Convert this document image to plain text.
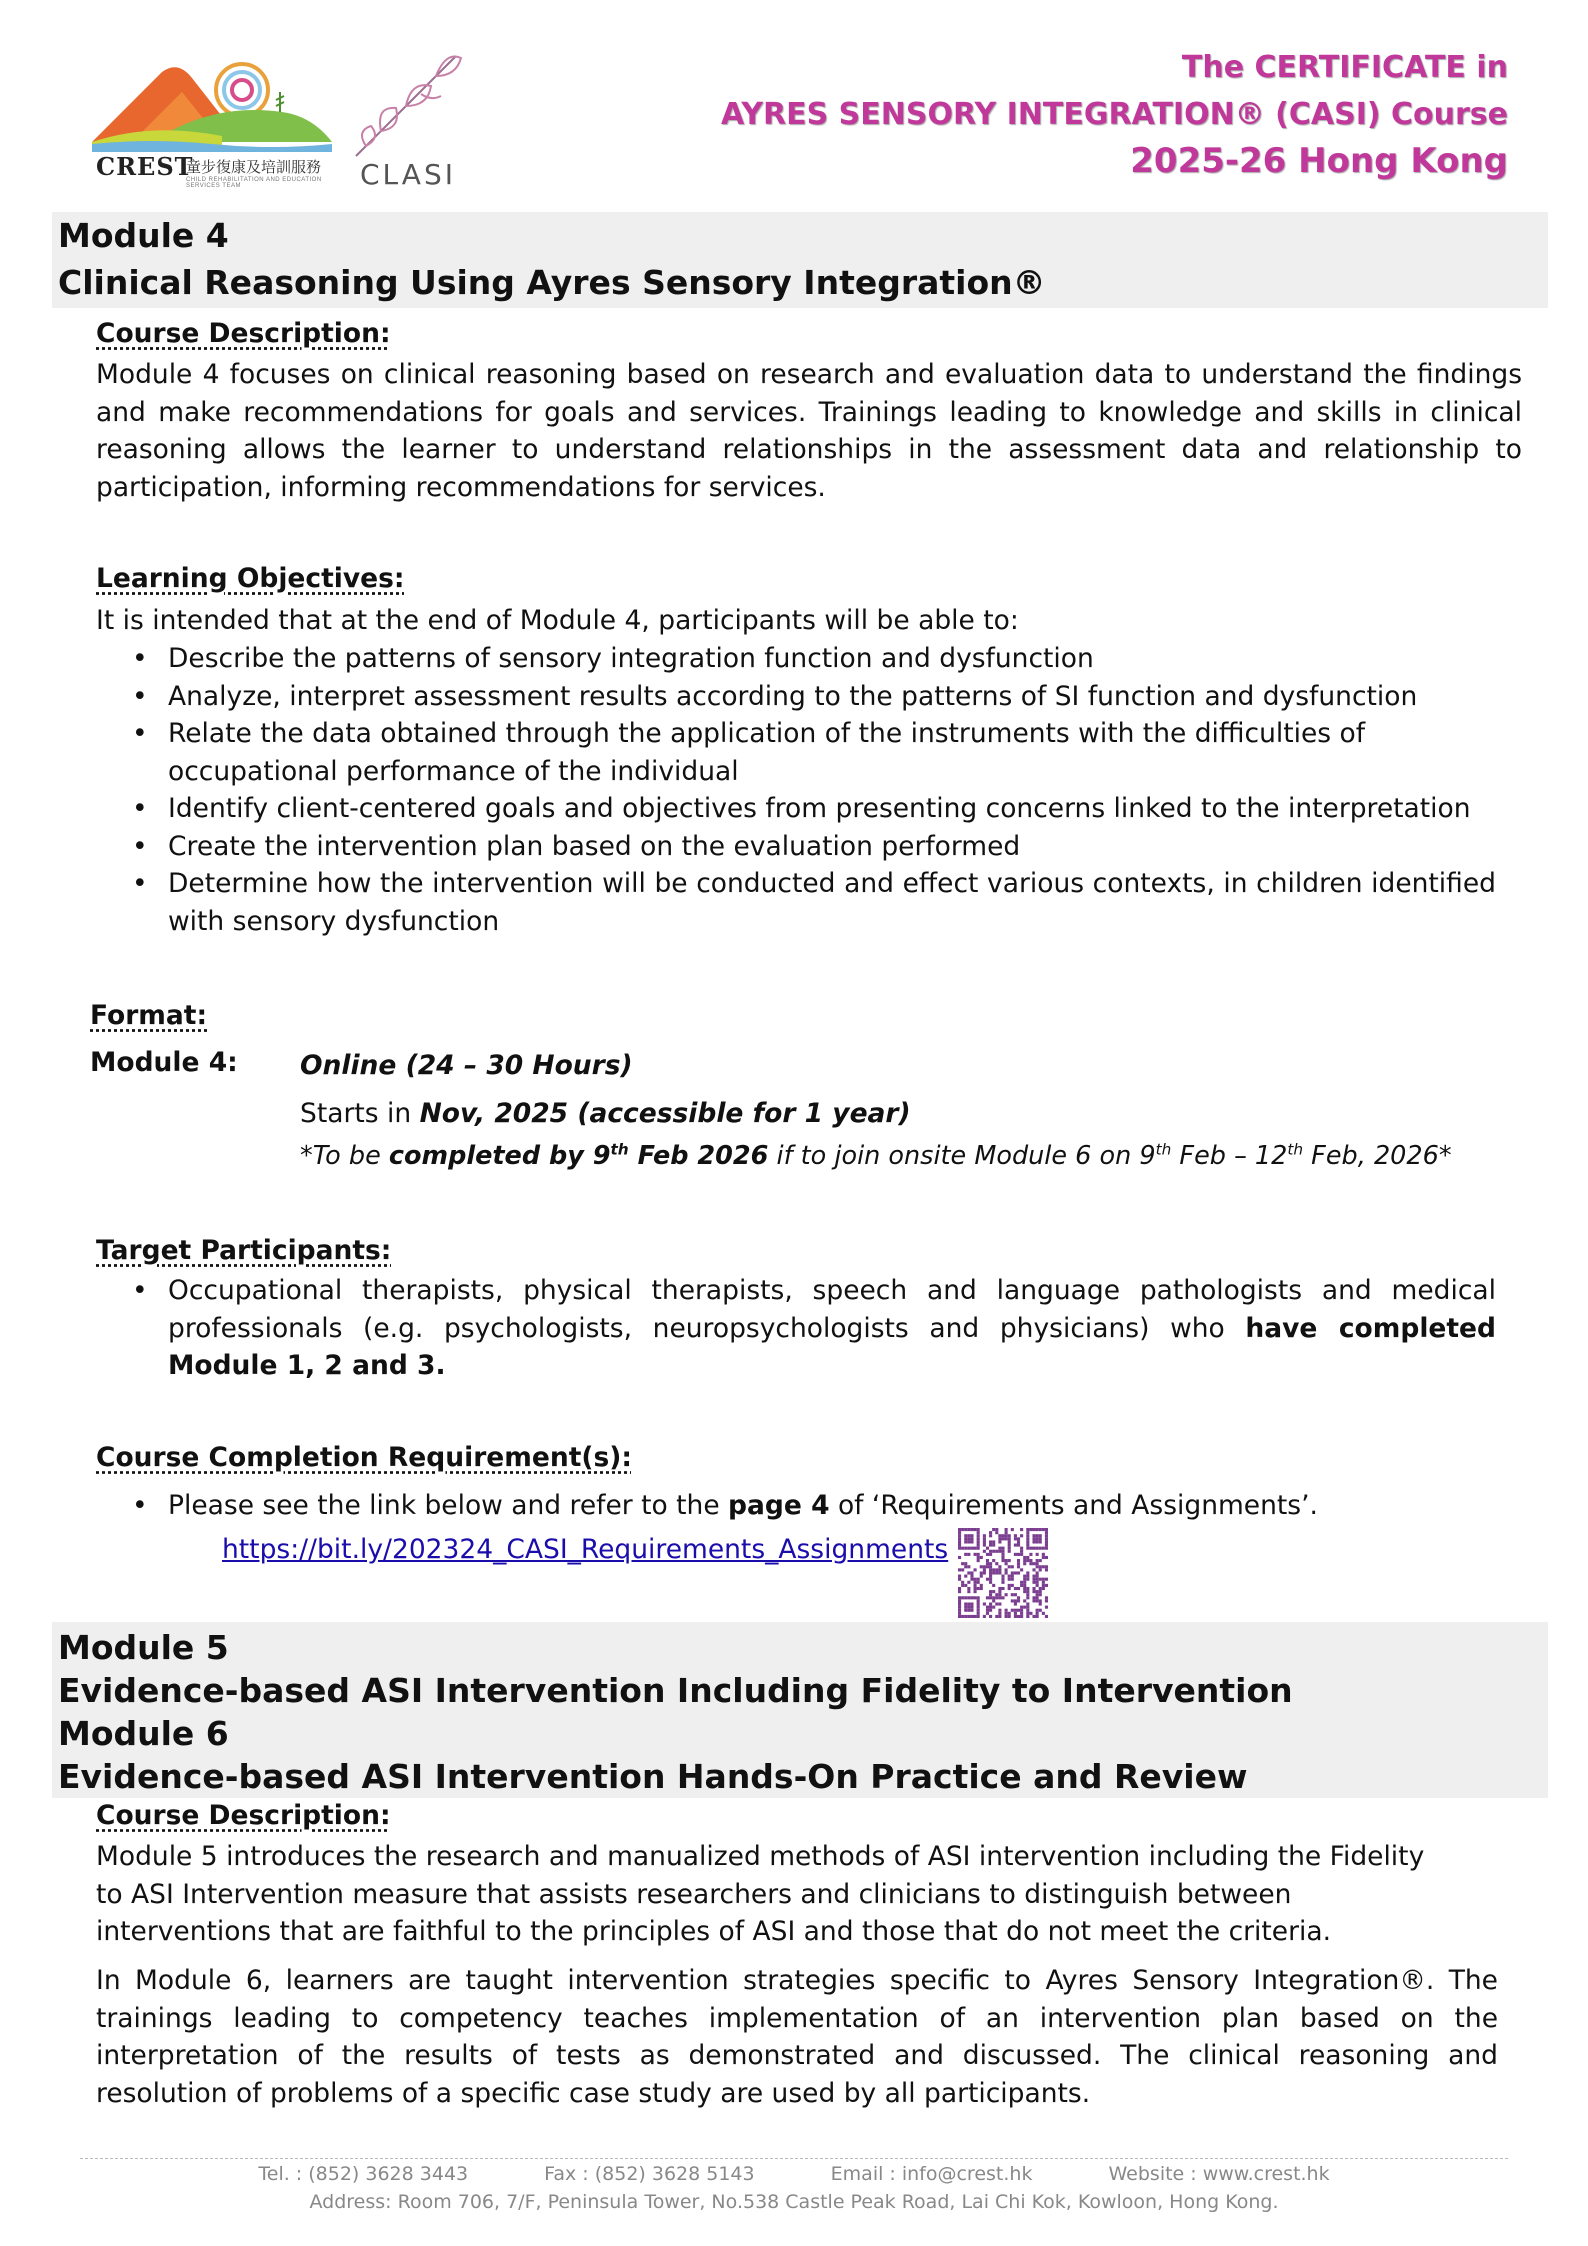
CREST
童步復康及培訓服務
CHILD REHABILITATION AND EDUCATION SERVICES TEAM	CLASI
The CERTIFICATE in
AYRES SENSORY INTEGRATION® (CASI) Course
2025-26 Hong Kong
Module 4
Clinical Reasoning Using Ayres Sensory Integration®
Course Description:
Module 4 focuses on clinical reasoning based on research and evaluation data to understand the findings and make recommendations for goals and services. Trainings leading to knowledge and skills in clinical reasoning allows the learner to understand relationships in the assessment data and relationship to participation, informing recommendations for services.
Learning Objectives:
It is intended that at the end of Module 4, participants will be able to:
• Describe the patterns of sensory integration function and dysfunction
• Analyze, interpret assessment results according to the patterns of SI function and dysfunction
• Relate the data obtained through the application of the instruments with the difficulties of occupational performance of the individual
• Identify client-centered goals and objectives from presenting concerns linked to the interpretation
• Create the intervention plan based on the evaluation performed
• Determine how the intervention will be conducted and effect various contexts, in children identified with sensory dysfunction
Format:
Module 4: Online (24 – 30 Hours)
Starts in Nov, 2025 (accessible for 1 year)
*To be completed by 9th Feb 2026 if to join onsite Module 6 on 9th Feb – 12th Feb, 2026*
Target Participants:
• Occupational therapists, physical therapists, speech and language pathologists and medical professionals (e.g. psychologists, neuropsychologists and physicians) who have completed Module 1, 2 and 3.
Course Completion Requirement(s):
• Please see the link below and refer to the page 4 of ‘Requirements and Assignments’.
https://bit.ly/202324_CASI_Requirements_Assignments
Module 5
Evidence-based ASI Intervention Including Fidelity to Intervention
Module 6
Evidence-based ASI Intervention Hands-On Practice and Review
Course Description:
Module 5 introduces the research and manualized methods of ASI intervention including the Fidelity to ASI Intervention measure that assists researchers and clinicians to distinguish between interventions that are faithful to the principles of ASI and those that do not meet the criteria.
In Module 6, learners are taught intervention strategies specific to Ayres Sensory Integration®. The trainings leading to competency teaches implementation of an intervention plan based on the interpretation of the results of tests as demonstrated and discussed. The clinical reasoning and resolution of problems of a specific case study are used by all participants.
Tel. : (852) 3628 3443	Fax : (852) 3628 5143	Email : info@crest.hk	Website : www.crest.hk
Address: Room 706, 7/F, Peninsula Tower, No.538 Castle Peak Road, Lai Chi Kok, Kowloon, Hong Kong.
